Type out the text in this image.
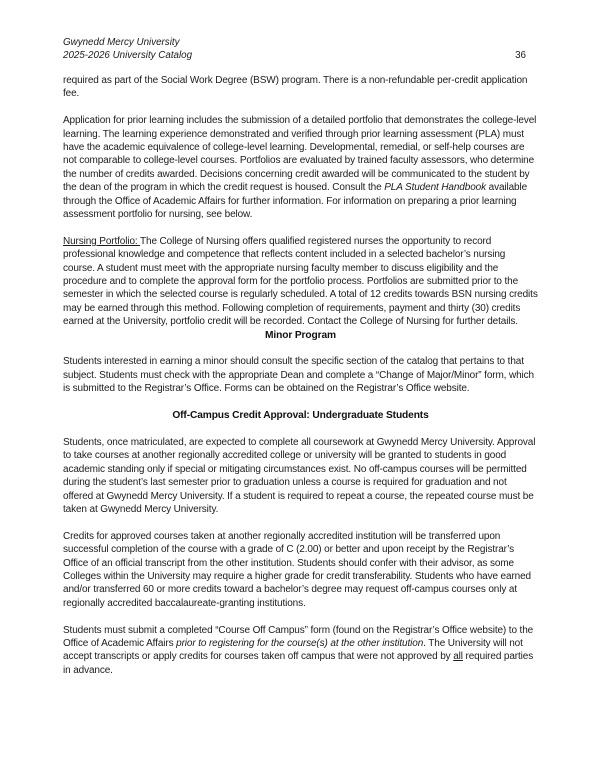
Gwynedd Mercy University
2025-2026 University Catalog	36

required as part of the Social Work Degree (BSW) program. There is a non-refundable per-credit application fee.

Application for prior learning includes the submission of a detailed portfolio that demonstrates the college-level learning. The learning experience demonstrated and verified through prior learning assessment (PLA) must have the academic equivalence of college-level learning. Developmental, remedial, or self-help courses are not comparable to college-level courses. Portfolios are evaluated by trained faculty assessors, who determine the number of credits awarded. Decisions concerning credit awarded will be communicated to the student by the dean of the program in which the credit request is housed. Consult the PLA Student Handbook available through the Office of Academic Affairs for further information. For information on preparing a prior learning assessment portfolio for nursing, see below.

Nursing Portfolio: The College of Nursing offers qualified registered nurses the opportunity to record professional knowledge and competence that reflects content included in a selected bachelor’s nursing course. A student must meet with the appropriate nursing faculty member to discuss eligibility and the procedure and to complete the approval form for the portfolio process. Portfolios are submitted prior to the semester in which the selected course is regularly scheduled. A total of 12 credits towards BSN nursing credits may be earned through this method. Following completion of requirements, payment and thirty (30) credits earned at the University, portfolio credit will be recorded. Contact the College of Nursing for further details.

Minor Program

Students interested in earning a minor should consult the specific section of the catalog that pertains to that subject. Students must check with the appropriate Dean and complete a “Change of Major/Minor” form, which is submitted to the Registrar’s Office. Forms can be obtained on the Registrar’s Office website.

Off-Campus Credit Approval: Undergraduate Students

Students, once matriculated, are expected to complete all coursework at Gwynedd Mercy University. Approval to take courses at another regionally accredited college or university will be granted to students in good academic standing only if special or mitigating circumstances exist. No off-campus courses will be permitted during the student’s last semester prior to graduation unless a course is required for graduation and not offered at Gwynedd Mercy University. If a student is required to repeat a course, the repeated course must be taken at Gwynedd Mercy University.

Credits for approved courses taken at another regionally accredited institution will be transferred upon successful completion of the course with a grade of C (2.00) or better and upon receipt by the Registrar’s Office of an official transcript from the other institution. Students should confer with their advisor, as some Colleges within the University may require a higher grade for credit transferability. Students who have earned and/or transferred 60 or more credits toward a bachelor’s degree may request off-campus courses only at regionally accredited baccalaureate-granting institutions.

Students must submit a completed “Course Off Campus” form (found on the Registrar’s Office website) to the Office of Academic Affairs prior to registering for the course(s) at the other institution. The University will not accept transcripts or apply credits for courses taken off campus that were not approved by all required parties in advance.
